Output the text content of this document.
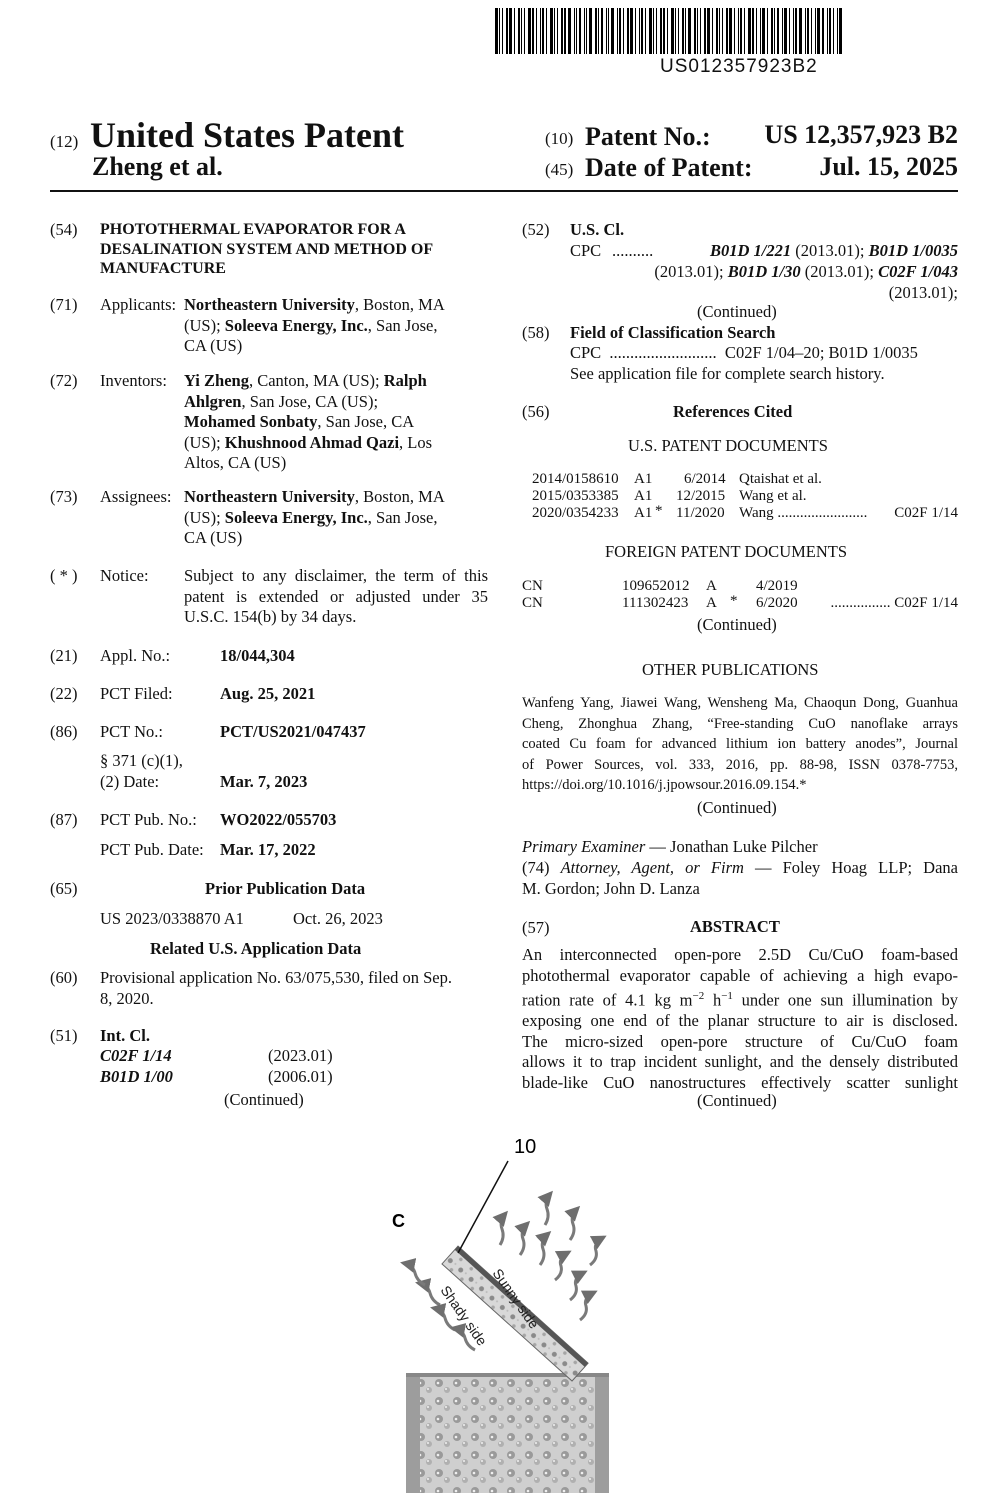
US012357923B2
(12) United States Patent
Zheng et al.
(10) Patent No.: US 12,357,923 B2
(45) Date of Patent:	Jul. 15, 2025
(54) PHOTOTHERMAL EVAPORATOR FOR A
DESALINATION SYSTEM AND METHOD OF
MANUFACTURE
(71) Applicants: Northeastern University, Boston, MA
(US); Soleeva Energy, Inc., San Jose,
CA (US)
(72) Inventors: Yi Zheng, Canton, MA (US); Ralph
Ahlgren, San Jose, CA (US);
Mohamed Sonbaty, San Jose, CA
(US); Khushnood Ahmad Qazi, Los
Altos, CA (US)
(73) Assignees: Northeastern University, Boston, MA
(US); Soleeva Energy, Inc., San Jose,
CA (US)
( * ) Notice: Subject to any disclaimer, the term of this
patent is extended or adjusted under 35
U.S.C. 154(b) by 34 days.
(21) Appl. No.:	18/044,304
(22) PCT Filed:	Aug. 25, 2021
(86) PCT No.:	PCT/US2021/047437
§ 371 (c)(1),
(2) Date:	Mar. 7, 2023
(87) PCT Pub. No.: WO2022/055703
PCT Pub. Date: Mar. 17, 2022
(65)	Prior Publication Data
US 2023/0338870 A1	Oct. 26, 2023
Related U.S. Application Data
(60) Provisional application No. 63/075,530, filed on Sep.
8, 2020.
(51) Int. Cl.
C02F 1/14	(2023.01)
B01D 1/00	(2006.01)
(Continued)
(52) U.S. Cl.
CPC ..........	B01D 1/221 (2013.01); B01D 1/0035
(2013.01); B01D 1/30 (2013.01); C02F 1/043
(2013.01);
(Continued)
(58) Field of Classification Search
CPC  ..........................  C02F 1/04–20; B01D 1/0035
See application file for complete search history.
(56)	References Cited
U.S. PATENT DOCUMENTS
2014/0158610 A1 6/2014 Qtaishat et al.
2015/0353385 A1 12/2015 Wang et al.
2020/0354233 A1 * 11/2020 Wang ........................ C02F 1/14
FOREIGN PATENT DOCUMENTS
CN	109652012 A	4/2019
CN	111302423 A * 6/2020 ................ C02F 1/14
(Continued)
OTHER PUBLICATIONS
Wanfeng Yang, Jiawei Wang, Wensheng Ma, Chaoqun Dong, Guanhua
Cheng, Zhonghua Zhang, “Free-standing CuO nanoflake arrays
coated Cu foam for advanced lithium ion battery anodes”, Journal
of Power Sources, vol. 333, 2016, pp. 88-98, ISSN 0378-7753,
https://doi.org/10.1016/j.jpowsour.2016.09.154.*
(Continued)
Primary Examiner — Jonathan Luke Pilcher
(74) Attorney, Agent, or Firm — Foley Hoag LLP; Dana
M. Gordon; John D. Lanza
(57)	ABSTRACT
An interconnected open-pore 2.5D Cu/CuO foam-based
photothermal evaporator capable of achieving a high evapo-
ration rate of 4.1 kg $m^{-2}$ $h^{-1}$ under one sun illumination by
exposing one end of the planar structure to air is disclosed.
The micro-sized open-pore structure of Cu/CuO foam
allows it to trap incident sunlight, and the densely distributed
blade-like CuO nanostructures effectively scatter sunlight
(Continued)
10
C
Sunny side
Shady side
